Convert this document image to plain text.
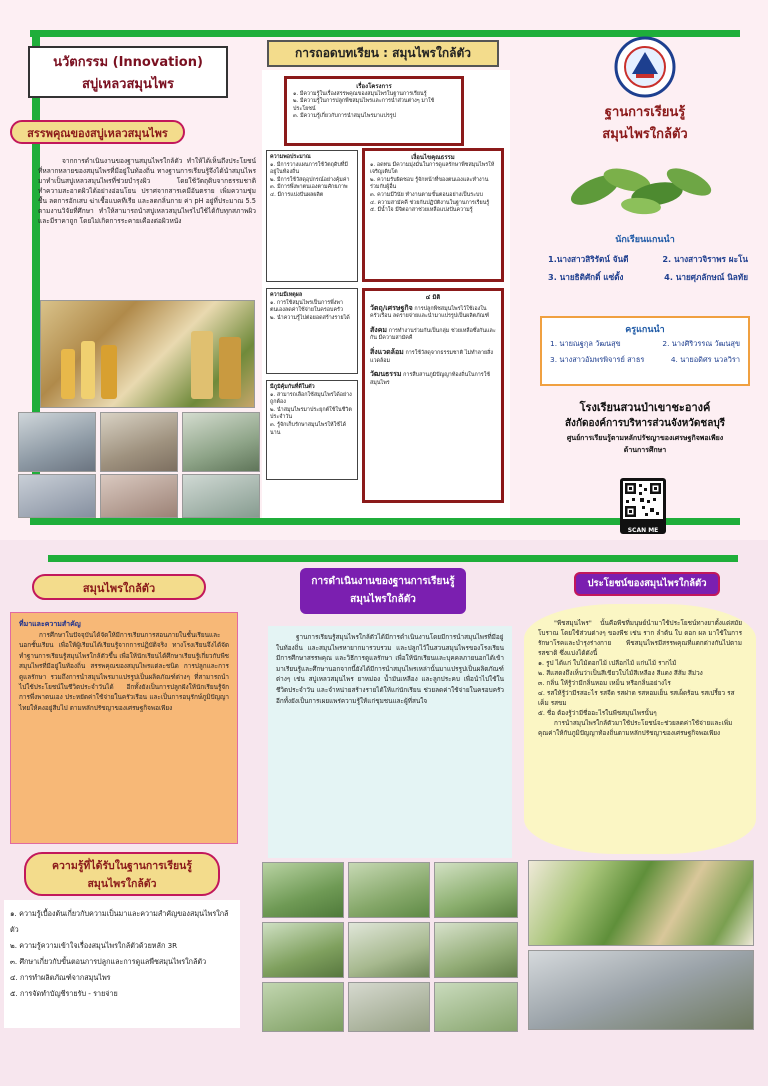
นวัตกรรม (Innovation)
สบู่เหลวสมุนไพร
สรรพคุณของสบู่เหลวสมุนไพร
จากการดำเนินงานของฐานสมุนไพรใกล้ตัว ทำให้ได้เห็นถึงประโยชน์ที่หลากหลายของสมุนไพรที่มีอยู่ในท้องถิ่น ทางฐานการเรียนรู้จึงได้นำสมุนไพรมาทำเป็นสบู่เหลวสมุนไพรที่ช่วยบำรุงผิว โดยใช้วัตถุดิบจากธรรมชาติ ทำความสะอาดผิวได้อย่างอ่อนโยน ปราศจากสารเคมีอันตราย เพิ่มความชุ่มชื้น ลดการอักเสบ ฆ่าเชื้อแบคทีเรีย และลดกลิ่นกาย ค่า pH อยู่ที่ประมาณ 5.5 ตามงานวิจัยที่ศึกษา ทำให้สามารถนำสบู่เหลวสมุนไพรไปใช้ได้กับทุกสภาพผิว และมีราคาถูก โดยไม่เกิดการระคายเคืองต่อผิวหนัง
การถอดบทเรียน : สมุนไพรใกล้ตัว
เรื่องโครงการ
๑. มีความรู้ในเรื่องสรรพคุณของสมุนไพรในฐานการเรียนรู้
๒. มีความรู้ในการปลูกพืชสมุนไพรและการนำส่วนต่างๆ มาใช้ประโยชน์
๓. มีความรู้เกี่ยวกับการนำสมุนไพรมาแปรรูป
ความพอประมาณ
๑. มีการวางแผนการใช้วัตถุดิบที่มีอยู่ในท้องถิ่น
๒. มีการใช้วัสดุอุปกรณ์อย่างคุ้มค่า
๓. มีการพึ่งพาตนเองตามศักยภาพ
๔. มีการแบ่งปันผลผลิต
เงื่อนไขคุณธรรม
๑. อดทน มีความมุ่งมั่นในการดูแลรักษาพืชสมุนไพรให้เจริญเติบโต
๒. ความรับผิดชอบ รู้จักหน้าที่ของตนเองและทำงานร่วมกับผู้อื่น
๓. ความมีวินัย ทำงานตามขั้นตอนอย่างเป็นระบบ
๔. ความสามัคคี ช่วยกันปฏิบัติงานในฐานการเรียนรู้
๕. มีน้ำใจ มีจิตอาสาช่วยเหลือแบ่งปันความรู้
ความมีเหตุผล
๑. การใช้สมุนไพรเป็นการพึ่งพาตนเองลดค่าใช้จ่ายในครอบครัว
๒. นำความรู้ไปต่อยอดสร้างรายได้
มีภูมิคุ้มกันที่ดีในตัว
๑. สามารถเลือกใช้สมุนไพรได้อย่างถูกต้อง
๒. นำสมุนไพรมาประยุกต์ใช้ในชีวิตประจำวัน
๓. รู้จักเก็บรักษาสมุนไพรให้ใช้ได้นาน
๔ มิติ
วัตถุ/เศรษฐกิจ การปลูกพืชสมุนไพรไว้ใช้เองในครัวเรือน ลดรายจ่ายและนำมาแปรรูปเป็นผลิตภัณฑ์
สังคม การทำงานร่วมกันเป็นกลุ่ม ช่วยเหลือซึ่งกันและกัน มีความสามัคคี
สิ่งแวดล้อม การใช้วัสดุจากธรรมชาติ ไม่ทำลายสิ่งแวดล้อม
วัฒนธรรม การสืบสานภูมิปัญญาท้องถิ่นในการใช้สมุนไพร
ฐานการเรียนรู้
สมุนไพรใกล้ตัว
นักเรียนแกนนำ
1.นางสาวสิริรัตน์ จันดี	2. นางสาวจิราพร ผะโน
3. นายธิติศักดิ์ แซ่ตั้ง	4. นายศุภลักษณ์ นิลทัย
ครูแกนนำ
1. นายณฐกุล วัฒนสุข	2. นางศิริวรรณ วัฒนสุข
3. นางสาวอัมพรพิจารย์ สาธร	4. นายอดิศร นวลวิรา
โรงเรียนสวนป่าเขาชะอางค์
สังกัดองค์การบริหารส่วนจังหวัดชลบุรี
ศูนย์การเรียนรู้ตามหลักปรัชญาของเศรษฐกิจพอเพียง
ด้านการศึกษา
SCAN ME
สมุนไพรใกล้ตัว
ที่มาและความสำคัญ
การศึกษาในปัจจุบันได้จัดให้มีการเรียนการสอนภายในชั้นเรียนและนอกชั้นเรียน เพื่อให้ผู้เรียนได้เรียนรู้จากการปฏิบัติจริง ทางโรงเรียนจึงได้จัดทำฐานการเรียนรู้สมุนไพรใกล้ตัวขึ้น เพื่อให้นักเรียนได้ศึกษาเรียนรู้เกี่ยวกับพืชสมุนไพรที่มีอยู่ในท้องถิ่น สรรพคุณของสมุนไพรแต่ละชนิด การปลูกและการดูแลรักษา รวมถึงการนำสมุนไพรมาแปรรูปเป็นผลิตภัณฑ์ต่างๆ ที่สามารถนำไปใช้ประโยชน์ในชีวิตประจำวันได้ อีกทั้งยังเป็นการปลูกฝังให้นักเรียนรู้จักการพึ่งพาตนเอง ประหยัดค่าใช้จ่ายในครัวเรือน และเป็นการอนุรักษ์ภูมิปัญญาไทยให้คงอยู่สืบไป ตามหลักปรัชญาของเศรษฐกิจพอเพียง
ความรู้ที่ได้รับในฐานการเรียนรู้
สมุนไพรใกล้ตัว
๑. ความรู้เบื้องต้นเกี่ยวกับความเป็นมาและความสำคัญของสมุนไพรใกล้ตัว
๒. ความรู้ความเข้าใจเรื่องสมุนไพรใกล้ตัวด้วยหลัก 3R
๓. ศึกษาเกี่ยวกับขั้นตอนการปลูกและการดูแลพืชสมุนไพรใกล้ตัว
๔. การทำผลิตภัณฑ์จากสมุนไพร
๕. การจัดทำบัญชีรายรับ - รายจ่าย
การดำเนินงานของฐานการเรียนรู้
สมุนไพรใกล้ตัว
ฐานการเรียนรู้สมุนไพรใกล้ตัวได้มีการดำเนินงานโดยมีการนำสมุนไพรที่มีอยู่ในท้องถิ่น และสมุนไพรหายากมารวบรวม และปลูกไว้ในสวนสมุนไพรของโรงเรียน มีการศึกษาสรรพคุณ และวิธีการดูแลรักษา เพื่อให้นักเรียนและบุคคลภายนอกได้เข้ามาเรียนรู้และศึกษานอกจากนี้ยังได้มีการนำสมุนไพรเหล่านั้นมาแปรรูปเป็นผลิตภัณฑ์ต่างๆ เช่น สบู่เหลวสมุนไพร ยาหม่อง น้ำมันเหลือง และลูกประคบ เพื่อนำไปใช้ในชีวิตประจำวัน และจำหน่ายสร้างรายได้ให้แก่นักเรียน ช่วยลดค่าใช้จ่ายในครอบครัว อีกทั้งยังเป็นการเผยแพร่ความรู้ให้แก่ชุมชนและผู้ที่สนใจ
ประโยชน์ของสมุนไพรใกล้ตัว
"พืชสมุนไพร" นั้นคือพืชที่มนุษย์นำมาใช้ประโยชน์ทางยาตั้งแต่สมัยโบราณ โดยใช้ส่วนต่างๆ ของพืช เช่น ราก ลำต้น ใบ ดอก ผล มาใช้ในการรักษาโรคและบำรุงร่างกาย พืชสมุนไพรมีสรรพคุณที่แตกต่างกันไปตามรสชาติ ซึ่งแบ่งได้ดังนี้
๑. รูป ได้แก่ ใบไม้ดอกไม้ เปลือกไม้ แก่นไม้ รากไม้
๒. สีแสดงถึงเห็นว่าเป็นสีเขียวใบไม้สีเหลือง สีแดง สีส้ม สีม่วง
๓. กลิ่น ให้รู้ว่ามีกลิ่นหอม เหม็น หรือกลิ่นอย่างไร
๔. รสให้รู้ว่ามีรสอะไร รสจืด รสฝาด รสหอมเย็น รสเผ็ดร้อน รสเปรี้ยว รสเค็ม รสขม
๕. ชื่อ ต้องรู้ว่ามีชื่ออะไรในพืชสมุนไพรนั้นๆ
การนำสมุนไพรใกล้ตัวมาใช้ประโยชน์จะช่วยลดค่าใช้จ่ายและเพิ่มคุณค่าให้กับภูมิปัญญาท้องถิ่นตามหลักปรัชญาของเศรษฐกิจพอเพียง
